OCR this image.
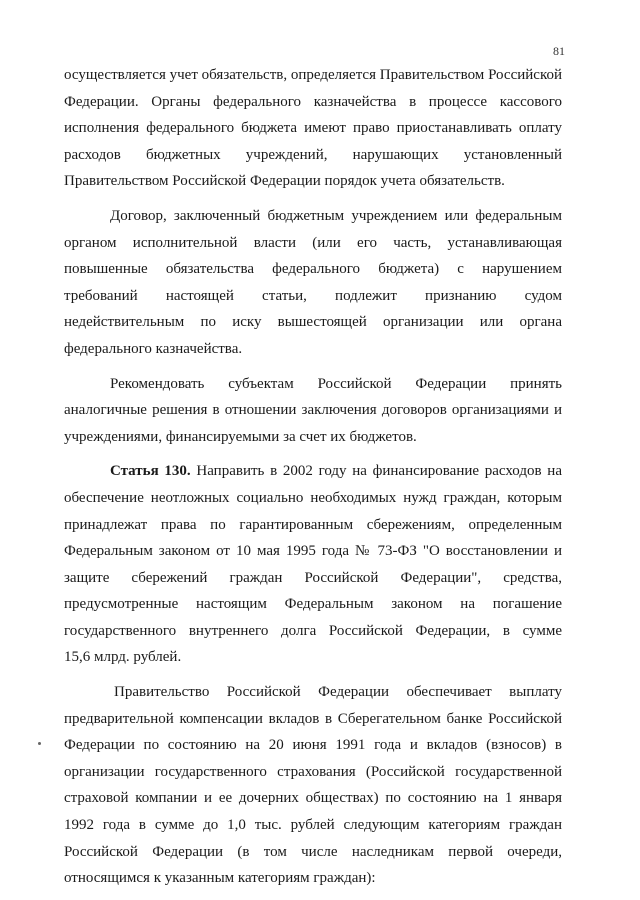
81

осуществляется учет обязательств, определяется Правительством Российской

Федерации. Органы федерального казначейства в процессе кассового

исполнения федерального бюджета имеют право приостанавливать оплату

расходов бюджетных учреждений, нарушающих установленный

Правительством Российской Федерации порядок учета обязательств.

Договор, заключенный бюджетным учреждением или федеральным

органом исполнительной власти (или его часть, устанавливающая

повышенные обязательства федерального бюджета) с нарушением

требований настоящей статьи, подлежит признанию судом

недействительным по иску вышестоящей организации или органа

федерального казначейства.

Рекомендовать субъектам Российской Федерации принять

аналогичные решения в отношении заключения договоров организациями и

учреждениями, финансируемыми за счет их бюджетов.

Статья 130. Направить в 2002 году на финансирование расходов на

обеспечение неотложных социально необходимых нужд граждан, которым

принадлежат права по гарантированным сбережениям, определенным

Федеральным законом от 10 мая 1995 года № 73-ФЗ "О восстановлении и

защите сбережений граждан Российской Федерации", средства,

предусмотренные настоящим Федеральным законом на погашение

государственного внутреннего долга Российской Федерации, в сумме

15,6 млрд. рублей.

Правительство Российской Федерации обеспечивает выплату

предварительной компенсации вкладов в Сберегательном банке Российской

Федерации по состоянию на 20 июня 1991 года и вкладов (взносов) в

организации государственного страхования (Российской государственной

страховой компании и ее дочерних обществах) по состоянию на 1 января

1992 года в сумме до 1,0 тыс. рублей следующим категориям граждан

Российской Федерации (в том числе наследникам первой очереди,

относящимся к указанным категориям граждан):
